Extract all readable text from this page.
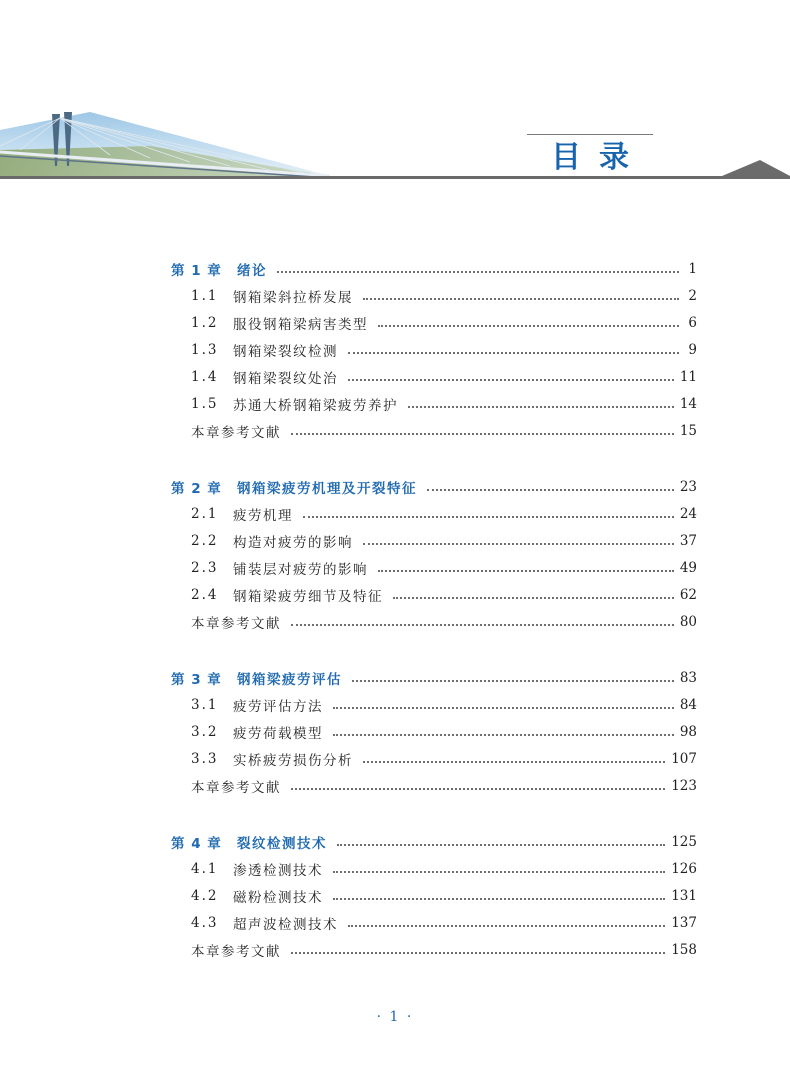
目录
第 1 章	绪论	1
1.1	钢箱梁斜拉桥发展	2
1.2	服役钢箱梁病害类型	6
1.3	钢箱梁裂纹检测	9
1.4	钢箱梁裂纹处治	11
1.5	苏通大桥钢箱梁疲劳养护	14
本章参考文献	15
第 2 章	钢箱梁疲劳机理及开裂特征	23
2.1	疲劳机理	24
2.2	构造对疲劳的影响	37
2.3	铺装层对疲劳的影响	49
2.4	钢箱梁疲劳细节及特征	62
本章参考文献	80
第 3 章	钢箱梁疲劳评估	83
3.1	疲劳评估方法	84
3.2	疲劳荷载模型	98
3.3	实桥疲劳损伤分析	107
本章参考文献	123
第 4 章	裂纹检测技术	125
4.1	渗透检测技术	126
4.2	磁粉检测技术	131
4.3	超声波检测技术	137
本章参考文献	158
· 1 ·
